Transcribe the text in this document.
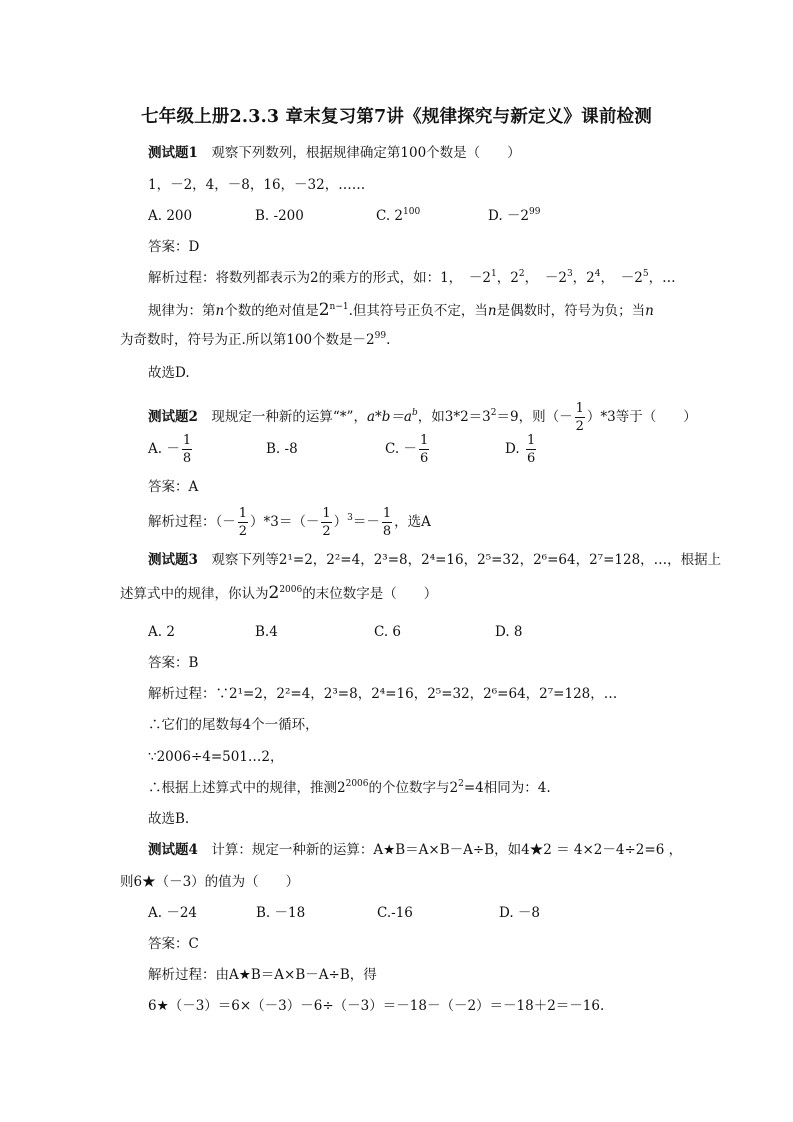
七年级上册2.3.3 章末复习第7讲《规律探究与新定义》课前检测
测试题1　 观察下列数列，根据规律确定第100个数是（　　）
1，－2，4，－8，16，－32，……
A. 200	B. -200	C. $2^{100}$	D. $-2^{99}$
答案：D
解析过程：将数列都表示为2的乘方的形式，如：1，　$-2^1$，$2^2$，　$-2^3$，$2^4$，　$-2^5$，…
规律为：第n个数的绝对值是$2^{n-1}$.但其符号正负不定，当n是偶数时，符号为负；当n
为奇数时，符号为正.所以第100个数是$-2^{99}$.
故选D.
测试题2　 现规定一种新的运算“*”，$a*b=a^b$，如$3*2=3^2=9$，则（－ $\frac{1}{2} )*3$等于（　　）
A. － $\frac{1}{8}$	B. -8	C. － $\frac{1}{6}$	D. $\frac{1}{6}$
答案：A
解析过程：（－ $\frac{1}{2} )*3=(- \frac{1}{2} )^3=- \frac{1}{8}$ ，选A
测试题3　 观察下列等2¹=2，2²=4，2³=8，2⁴=16，2⁵=32，2⁶=64，2⁷=128，…，根据上
述算式中的规律，你认为$2^{2006}$的末位数字是（　　）
A. 2	B.4	C. 6	D. 8
答案：B
解析过程：∵2¹=2，2²=4，2³=8，2⁴=16，2⁵=32，2⁶=64，2⁷=128，…
∴它们的尾数每4个一循环，
∵2006÷4=501…2，
∴根据上述算式中的规律，推测$2^{2006}$的个位数字与$2^2=4$相同为：4.
故选B.
测试题4　 计算：规定一种新的运算：A★B＝A×B－A÷B，如4★2 ＝ 4×2－4÷2=6 ，
则6★（－3）的值为（　　）
A. －24	B. －18	C.-16	D. －8
答案：C
解析过程：由A★B＝A×B－A÷B，得
6★（－3）＝6×（－3）－6÷（－3）＝－18－（－2）＝－18＋2＝－16.
